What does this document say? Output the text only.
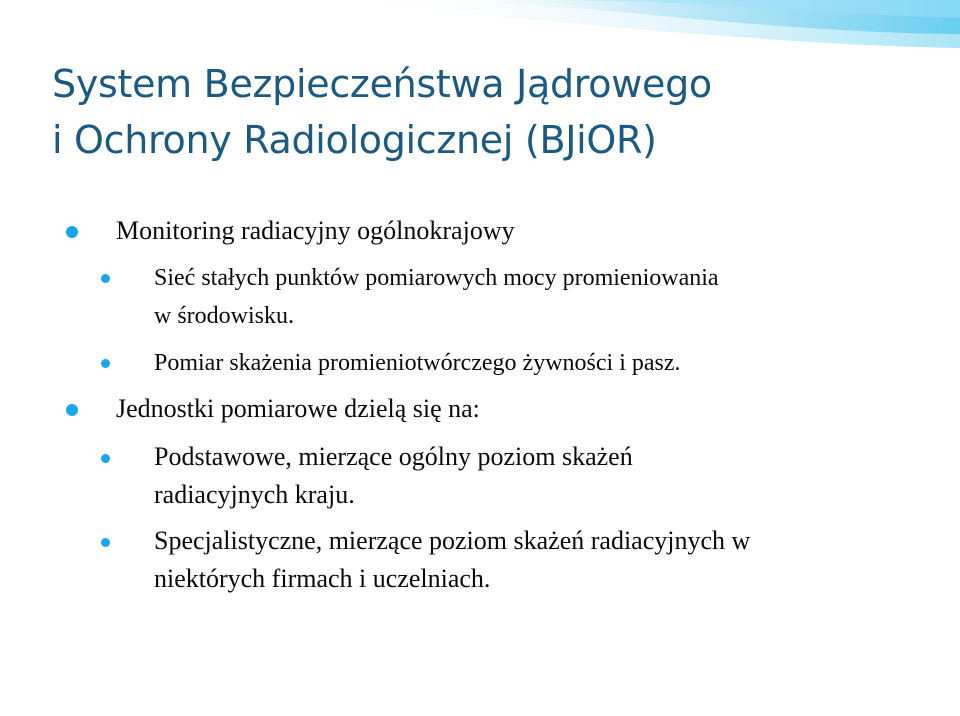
System Bezpieczeństwa Jądrowego
i Ochrony Radiologicznej (BJiOR)
Monitoring radiacyjny ogólnokrajowy
Sieć stałych punktów pomiarowych mocy promieniowania
w środowisku.
Pomiar skażenia promieniotwórczego żywności i pasz.
Jednostki pomiarowe dzielą się na:
Podstawowe, mierzące ogólny poziom skażeń
radiacyjnych kraju.
Specjalistyczne, mierzące poziom skażeń radiacyjnych w
niektórych firmach i uczelniach.
